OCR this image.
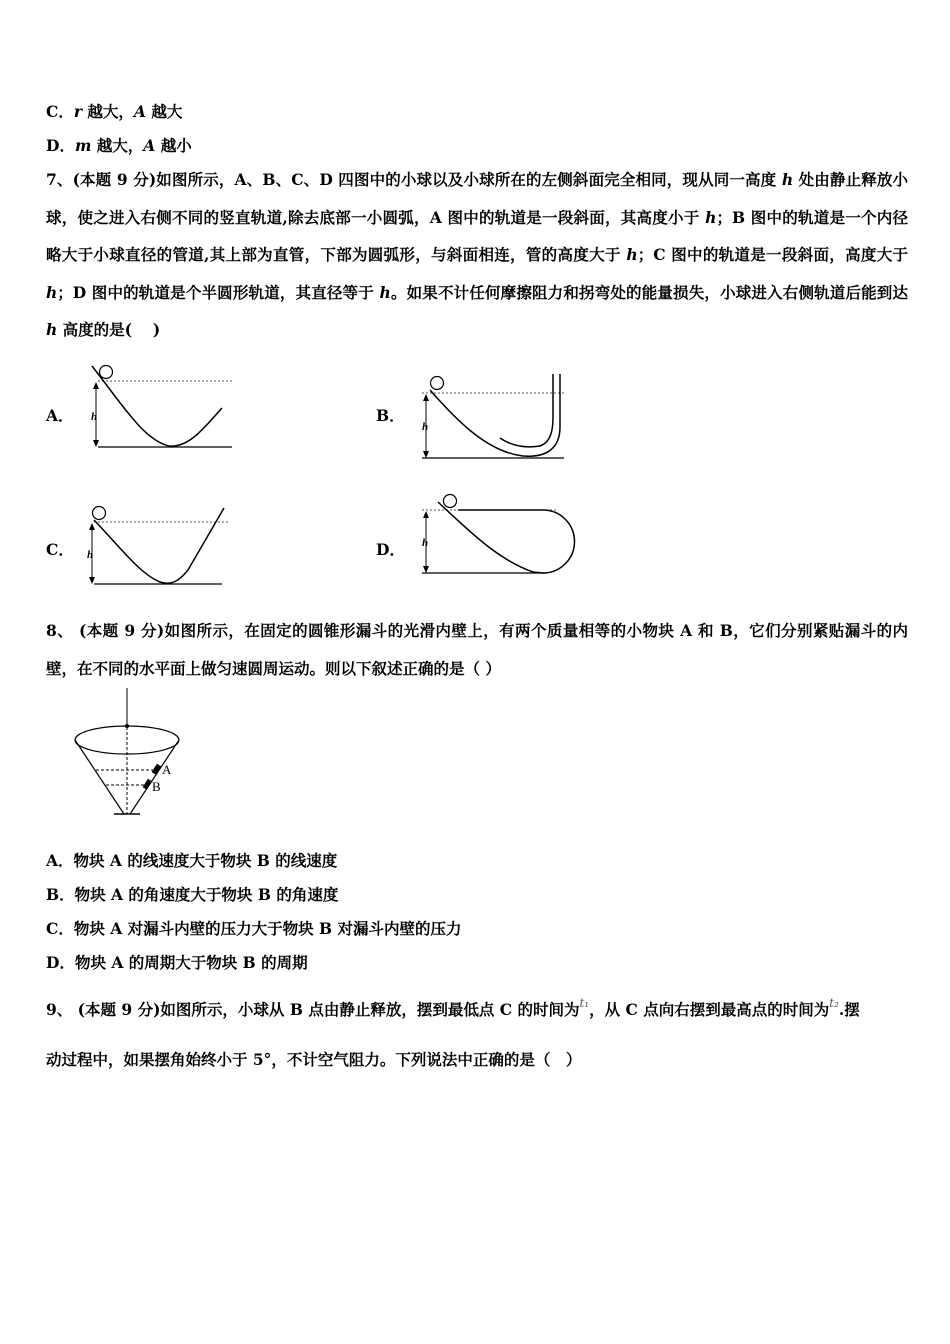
C．r 越大，A 越大
D．m 越大，A 越小
7、(本题 9 分)如图所示，A、B、C、D 四图中的小球以及小球所在的左侧斜面完全相同，现从同一高度 h 处由静止释放小球，使之进入右侧不同的竖直轨道,除去底部一小圆弧，A 图中的轨道是一段斜面，其高度小于 h；B 图中的轨道是一个内径略大于小球直径的管道,其上部为直管，下部为圆弧形，与斜面相连，管的高度大于 h；C 图中的轨道是一段斜面，高度大于 h；D 图中的轨道是个半圆形轨道，其直径等于 h。如果不计任何摩擦阻力和拐弯处的能量损失，小球进入右侧轨道后能到达 h 高度的是(　 )
A．	B．
C．	D．
h
h
h
h
8、 (本题 9 分)如图所示，在固定的圆锥形漏斗的光滑内壁上，有两个质量相等的小物块 A 和 B，它们分别紧贴漏斗的内壁，在不同的水平面上做匀速圆周运动。则以下叙述正确的是（ ）
A
B
A．物块 A 的线速度大于物块 B 的线速度
B．物块 A 的角速度大于物块 B 的角速度
C．物块 A 对漏斗内壁的压力大于物块 B 对漏斗内壁的压力
D．物块 A 的周期大于物块 B 的周期
9、 (本题 9 分)如图所示，小球从 B 点由静止释放，摆到最低点 C 的时间为$^{t_1}$，从 C 点向右摆到最高点的时间为$^{t_2}$.摆
动过程中，如果摆角始终小于 5°，不计空气阻力。下列说法中正确的是（　）
